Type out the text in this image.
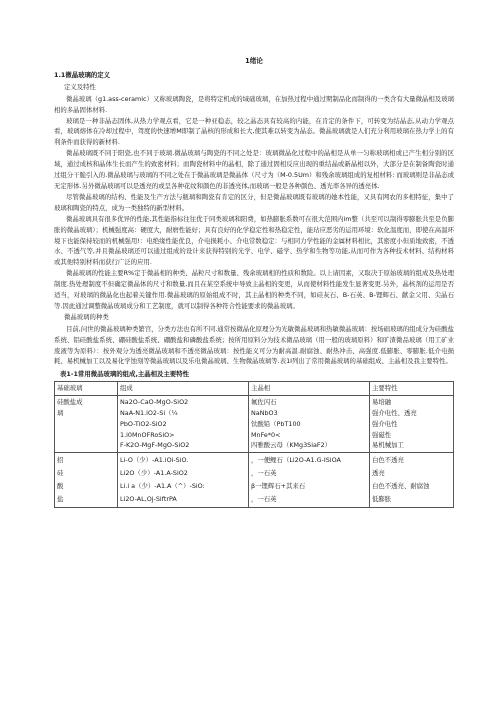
1绪论
1.1微晶玻璃的定义
定义及特性

微晶玻璃（g1.ass-ceramic）又称玻璃陶瓷，是将特定机成的域础玻璃，在加热过程中通过期制品化而制得的一类含有大量微晶相及玻璃相的多晶固体材料.

玻璃是一种非晶态固体,从热力学观点看，它是一种亚稳态，较之晶态具有较高的内能，在肯定的条件下，可转变为结晶态,从动力学观点看，玻璃熔体在冷却过程中，驾度的快速增M即制了晶核的形成和长大,使其难以转变为晶态。微晶玻璃就是人们充分利用玻璃在热力学上的有利条件而获得的新材料.

微晶玻璃既不同于阳瓷,也不同于玻璃.微晶玻璃与陶瓷的不同之处是：玻璃微晶化过程中的晶相是从单一匀称玻璃相或已产生相分别的区域，通过成核和晶体生长而产生的致密材料；而陶瓷材料中的晶相，除了通过固相反应出现的重结晶或新晶相以外，大部分是在制备陶瓷时通过组分干脆引入的.微晶玻璃与玻璃的不同之处在于微晶玻璃是微晶体（尺寸为（M-0.5Um）和残余玻璃组成的复相材料: 而玻璃则是非晶态或无定形体.另外微晶玻璃可以是透亮的或呈各种花纹和颜色的非透亮体,而玻璃一般是各种颜色、透光率各异的透亮体.

尽管微晶玻璃的结构、性能及生产方法与瓶璃和陶瓷有肯定的区分，但是微晶玻璃既有玻璃的她本性能，又具有网农的多相特征，集中了玻璃和陶瓷的特点，成为一类独特的新型材料。

微晶玻璃具有很多优异的性能,其性能指标往往优于同类玻璃和阳费，如热膨胀系数可在很大范围内im整（共至可以制得零膨胀共至是负膨胀的微晶玻璃）；机械强度高：硬度大，耐磨性能好；具有良好的化学稳定性和热稳定性，能玷应恶劣的运用环境：软化温度而，即使在高温环境下也能保持较而的机械强用!：电绝缘性能优良，介电损耗小、介电常数稳定：与相同力学性能的金属材料相比，其密度小但质地致密，不透水、不透气等,并且微晶玻璃还可以通过组成的设计来获得特别的光学、电学、磁学、热学和生物等功能,从而可作为各种技术材料、结构材料或其他特别材料而获行广泛的应用.

微晶玻璃的性能主要R%定于微晶相的种类、晶粒尺寸和数量、残余玻璃相的性质和数险。以上请因素，又取决于原始玻璃的组成及热处理制度.热处理制度不但确定微晶体的尺寸和数量,而且在某空系统中导致主晶相的变更，从而使材料性能发生显著变更.另外，晶核剂的运用是否适当，对玻璃的微晶化也起着关键作用.微晶玻璃的原始组成不时，其主晶相的种类不同，如硅灰石、B-石英、B-锂辉石、献金父用、尖晶石等.因此通过调整微晶玻璃成分和工艺制度，就可以制得各种符合性能要求的微晶玻璃。

微晶玻璃的种类

目前,问世的微晶玻璃种类繁宫，分类方法也有所不同.通常按微晶化原理分为光敏微晶玻璃和热敏微晶玻璃：按场础玻璃的组成分为硅酸盐系统、铝硅酸盐系统、硼硅酸盐系统、硼酸盐和磷酸盐系统；按所用原料分为技术微品玻璃（用一般的玻璃原料）和旷渣微品玻璃（用工矿业废液等为原料）：按外观分为透亮微晶玻璃和不透亮微晶玻璃：按性能义可分为耐高温.耐腐蚀、耐热冲击、高强度.低膨胀、零膨胀.低介电损耗、易机械加工以及易化学蚀刻等微晶玻璃以及乐电微晶玻璃、生物微晶玻璃等.表1I列出了常用微晶玻璃的基础组成、主晶相及我主要特性。

表1-1常用微品玻璃的组成,主晶相及主要特性
基础玻璃	组成	主晶相	主要特性

硅酸盐成
璃	Na2O-CaO-MgO-SiO2
NaA-N1.iO2-Si（¼
PbO-TiO2-SiO2
1.i0MnOFRoSiO>
F-K2O-MgF-MgO-SiO2	氟佐闪石
NaNbO3
钛酸铅（PbT100
MnFe*0<
四雅酸云母（KMg3SiaF2）	易培融
强介电性、透亮
强介电性
强磁性
易机械加工

招
硅
酸
盐	Li-O（少）-A1.iOi-SiO.
Li2O（少）-A1.A-SiO2
Li.i a（少）-A1.A（^）-SiO:
Li2O-AL,Oj-SiftrPA	，一便鲤石（Li2O-A1.G-ISiOA
，一石英
β一锂辉石+其来石
，一石英	白色不透亮
透亮
白色不透亮、耐腐蚀
低膨胀
